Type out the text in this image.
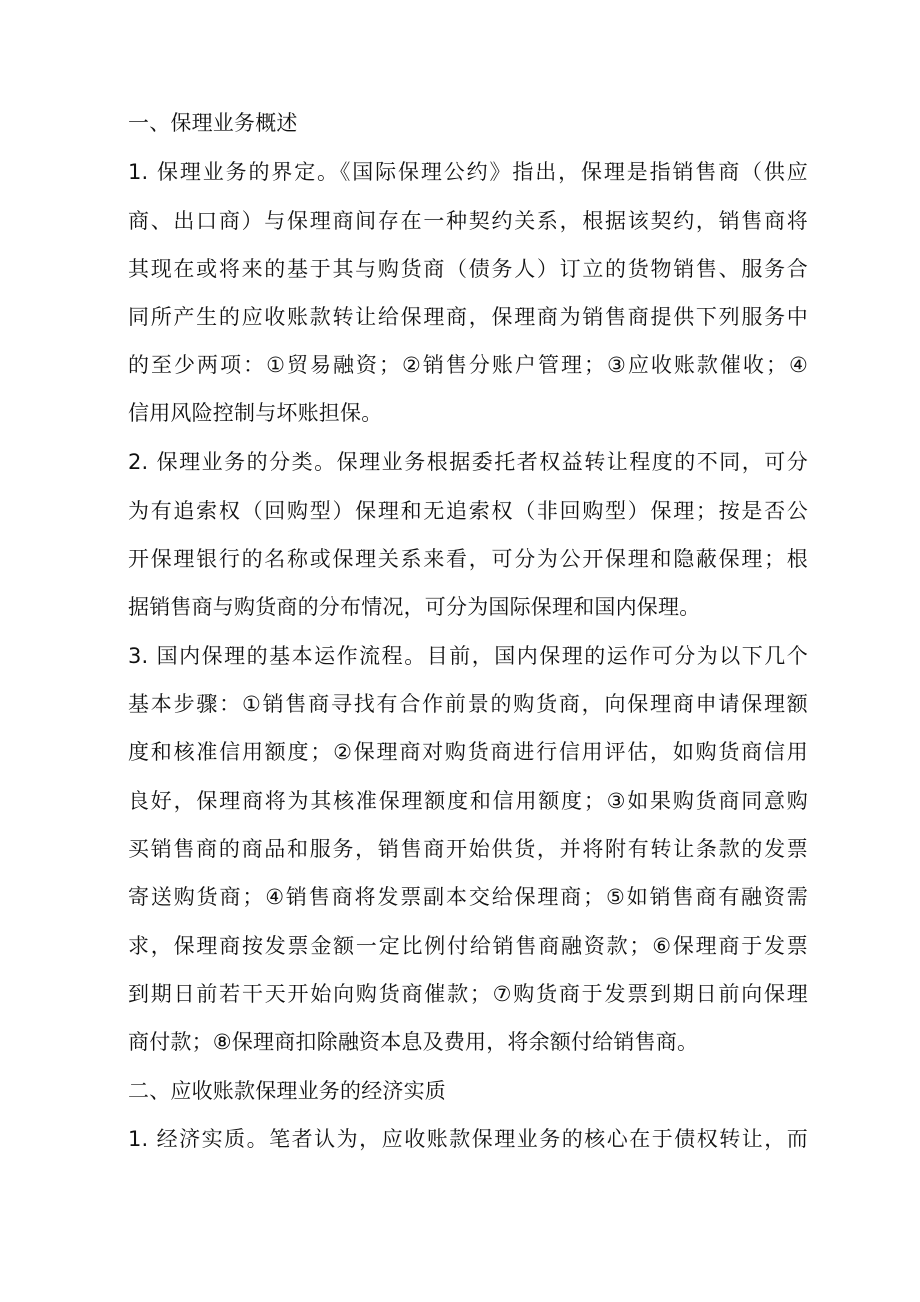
一、保理业务概述
1. 保理业务的界定。《国际保理公约》指出，保理是指销售商（供应
商、出口商）与保理商间存在一种契约关系，根据该契约，销售商将
其现在或将来的基于其与购货商（债务人）订立的货物销售、服务合
同所产生的应收账款转让给保理商，保理商为销售商提供下列服务中
的至少两项：①贸易融资；②销售分账户管理；③应收账款催收；④
信用风险控制与坏账担保。
2. 保理业务的分类。保理业务根据委托者权益转让程度的不同，可分
为有追索权（回购型）保理和无追索权（非回购型）保理；按是否公
开保理银行的名称或保理关系来看，可分为公开保理和隐蔽保理；根
据销售商与购货商的分布情况，可分为国际保理和国内保理。
3. 国内保理的基本运作流程。目前，国内保理的运作可分为以下几个
基本步骤：①销售商寻找有合作前景的购货商，向保理商申请保理额
度和核准信用额度；②保理商对购货商进行信用评估，如购货商信用
良好，保理商将为其核准保理额度和信用额度；③如果购货商同意购
买销售商的商品和服务，销售商开始供货，并将附有转让条款的发票
寄送购货商；④销售商将发票副本交给保理商；⑤如销售商有融资需
求，保理商按发票金额一定比例付给销售商融资款；⑥保理商于发票
到期日前若干天开始向购货商催款；⑦购货商于发票到期日前向保理
商付款；⑧保理商扣除融资本息及费用，将余额付给销售商。
二、应收账款保理业务的经济实质
1. 经济实质。笔者认为，应收账款保理业务的核心在于债权转让，而
